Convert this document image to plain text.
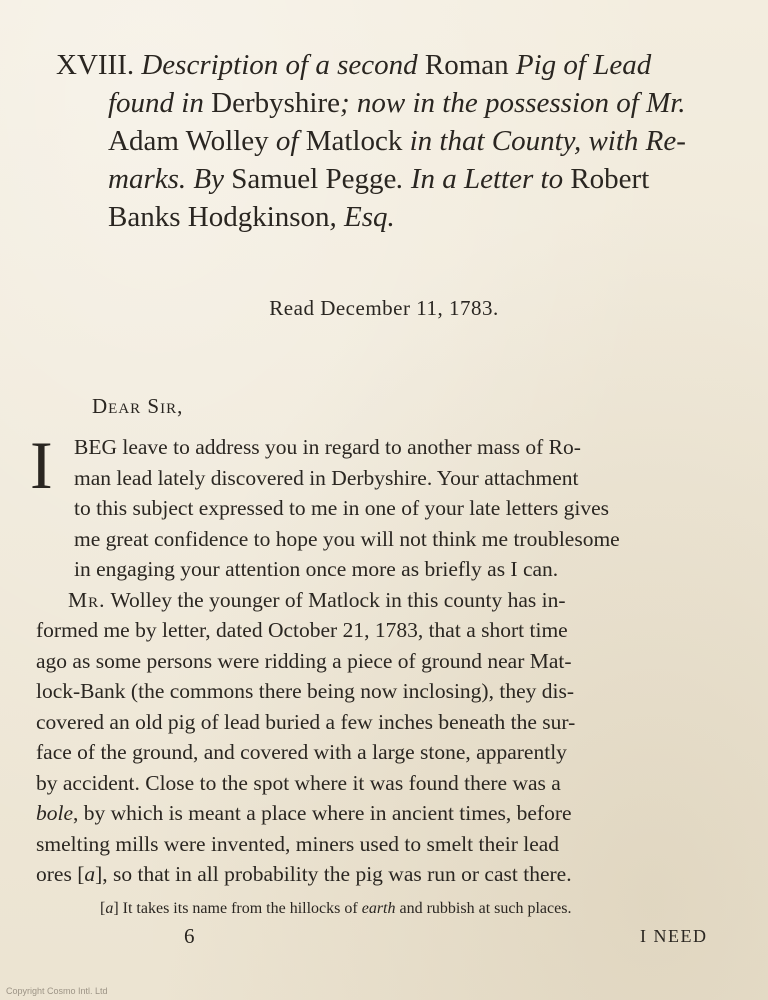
XVIII. Description of a second Roman Pig of Lead
found in Derbyshire; now in the possession of Mr.
Adam Wolley of Matlock in that County, with Re-
marks. By Samuel Pegge. In a Letter to Robert
Banks Hodgkinson, Esq.
Read December 11, 1783.
Dear Sir,
I BEG leave to address you in regard to another mass of Ro-
man lead lately discovered in Derbyshire. Your attachment
to this subject expressed to me in one of your late letters gives
me great confidence to hope you will not think me troublesome
in engaging your attention once more as briefly as I can.
Mr. Wolley the younger of Matlock in this county has in-
formed me by letter, dated October 21, 1783, that a short time
ago as some persons were ridding a piece of ground near Mat-
lock-Bank (the commons there being now inclosing), they dis-
covered an old pig of lead buried a few inches beneath the sur-
face of the ground, and covered with a large stone, apparently
by accident. Close to the spot where it was found there was a
bole, by which is meant a place where in ancient times, before
smelting mills were invented, miners used to smelt their lead
ores [a], so that in all probability the pig was run or cast there.
[a] It takes its name from the hillocks of earth and rubbish at such places.
6	I NEED
Copyright Cosmo Intl. Ltd
